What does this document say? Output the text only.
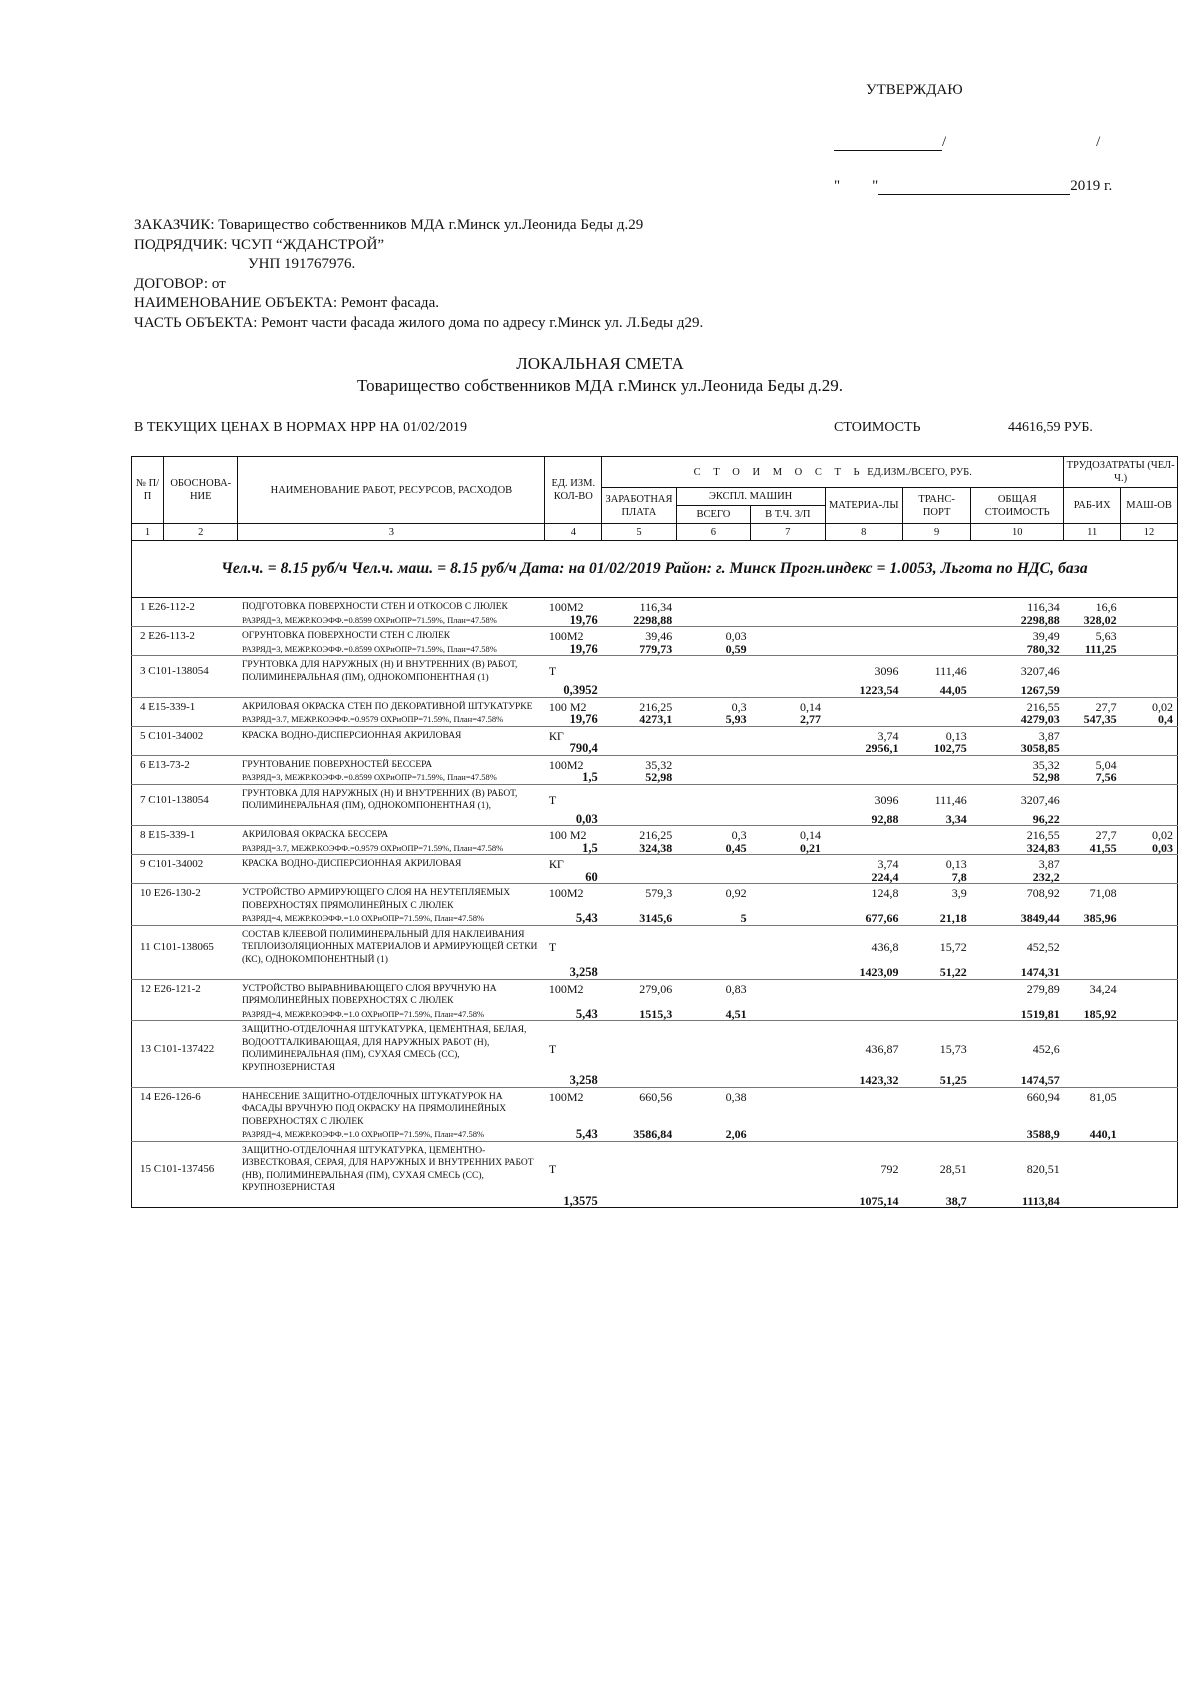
УТВЕРЖДАЮ
/	/
" "	2019 г.
ЗАКАЗЧИК: Товарищество собственников МДА г.Минск ул.Леонида Беды д.29
ПОДРЯДЧИК: ЧСУП “ЖДАНСТРОЙ”
УНП 191767976.
ДОГОВОР: от
НАИМЕНОВАНИЕ ОБЪЕКТА: Ремонт фасада.
ЧАСТЬ ОБЪЕКТА: Ремонт части фасада жилого дома по адресу г.Минск ул. Л.Беды д29.
ЛОКАЛЬНАЯ СМЕТА
Товарищество собственников МДА г.Минск ул.Леонида Беды д.29.
В ТЕКУЩИХ ЦЕНАХ В НОРМАХ НРР НА 01/02/2019	СТОИМОСТЬ	44616,59 РУБ.
№ П/П	ОБОСНОВА-НИЕ	НАИМЕНОВАНИЕ РАБОТ, РЕСУРСОВ, РАСХОДОВ	ЕД. ИЗМ. КОЛ-ВО	С Т О И М О С Т Ь ЕД.ИЗМ./ВСЕГО, РУБ.						ТРУДОЗАТРАТЫ (ЧЕЛ-Ч.)	
				ЗАРАБОТНАЯ ПЛАТА	ЭКСПЛ. МАШИН		МАТЕРИА-ЛЫ	ТРАНС-ПОРТ	ОБЩАЯ СТОИМОСТЬ	РАБ-ИХ	МАШ-ОВ
					ВСЕГО	В Т.Ч. З/П					
1	2	3	4	5	6	7	8	9	10	11	12
Чел.ч. = 8.15 руб/ч Чел.ч. маш. = 8.15 руб/ч Дата: на 01/02/2019 Район: г. Минск Прогн.индекс = 1.0053, Льгота по НДС, база											
1 Е26-112-2		ПОДГОТОВКА ПОВЕРХНОСТИ СТЕН И ОТКОСОВ С ЛЮЛЕК	100М2	116,34					116,34	16,6	
		РАЗРЯД=3, МЕЖР.КОЭФФ.=0.8599 ОХРиОПР=71.59%, План=47.58%	19,76	2298,88					2298,88	328,02	
2 Е26-113-2		ОГРУНТОВКА ПОВЕРХНОСТИ СТЕН С ЛЮЛЕК	100М2	39,46	0,03				39,49	5,63	
		РАЗРЯД=3, МЕЖР.КОЭФФ.=0.8599 ОХРиОПР=71.59%, План=47.58%	19,76	779,73	0,59				780,32	111,25	
3 С101-138054		ГРУНТОВКА ДЛЯ НАРУЖНЫХ (Н) И ВНУТРЕННИХ (В) РАБОТ, ПОЛИМИНЕРАЛЬНАЯ (ПМ), ОДНОКОМПОНЕНТНАЯ (1)	Т				3096	111,46	3207,46		
			0,3952				1223,54	44,05	1267,59		
4 Е15-339-1		АКРИЛОВАЯ ОКРАСКА СТЕН ПО ДЕКОРАТИВНОЙ ШТУКАТУРКЕ	100 М2	216,25	0,3	0,14			216,55	27,7	0,02
		РАЗРЯД=3.7, МЕЖР.КОЭФФ.=0.9579 ОХРиОПР=71.59%, План=47.58%	19,76	4273,1	5,93	2,77			4279,03	547,35	0,4
5 С101-34002		КРАСКА ВОДНО-ДИСПЕРСИОННАЯ АКРИЛОВАЯ	КГ				3,74	0,13	3,87		
			790,4				2956,1	102,75	3058,85		
6 Е13-73-2		ГРУНТОВАНИЕ ПОВЕРХНОСТЕЙ БЕССЕРА	100М2	35,32					35,32	5,04	
		РАЗРЯД=3, МЕЖР.КОЭФФ.=0.8599 ОХРиОПР=71.59%, План=47.58%	1,5	52,98					52,98	7,56	
7 С101-138054		ГРУНТОВКА ДЛЯ НАРУЖНЫХ (Н) И ВНУТРЕННИХ (В) РАБОТ, ПОЛИМИНЕРАЛЬНАЯ (ПМ), ОДНОКОМПОНЕНТНАЯ (1),	Т				3096	111,46	3207,46		
			0,03				92,88	3,34	96,22		
8 Е15-339-1		АКРИЛОВАЯ ОКРАСКА БЕССЕРА	100 М2	216,25	0,3	0,14			216,55	27,7	0,02
		РАЗРЯД=3.7, МЕЖР.КОЭФФ.=0.9579 ОХРиОПР=71.59%, План=47.58%	1,5	324,38	0,45	0,21			324,83	41,55	0,03
9 С101-34002		КРАСКА ВОДНО-ДИСПЕРСИОННАЯ АКРИЛОВАЯ	КГ				3,74	0,13	3,87		
			60				224,4	7,8	232,2		
10 Е26-130-2		УСТРОЙСТВО АРМИРУЮЩЕГО СЛОЯ НА НЕУТЕПЛЯЕМЫХ ПОВЕРХНОСТЯХ ПРЯМОЛИНЕЙНЫХ С ЛЮЛЕК	100М2	579,3	0,92		124,8	3,9	708,92	71,08	
		РАЗРЯД=4, МЕЖР.КОЭФФ.=1.0 ОХРиОПР=71.59%, План=47.58%	5,43	3145,6	5		677,66	21,18	3849,44	385,96	
11 С101-138065		СОСТАВ КЛЕЕВОЙ ПОЛИМИНЕРАЛЬНЫЙ ДЛЯ НАКЛЕИВАНИЯ ТЕПЛОИЗОЛЯЦИОННЫХ МАТЕРИАЛОВ И АРМИРУЮЩЕЙ СЕТКИ (КС), ОДНОКОМПОНЕНТНЫЙ (1)	Т				436,8	15,72	452,52		
			3,258				1423,09	51,22	1474,31		
12 Е26-121-2		УСТРОЙСТВО ВЫРАВНИВАЮЩЕГО СЛОЯ ВРУЧНУЮ НА ПРЯМОЛИНЕЙНЫХ ПОВЕРХНОСТЯХ С ЛЮЛЕК	100М2	279,06	0,83				279,89	34,24	
		РАЗРЯД=4, МЕЖР.КОЭФФ.=1.0 ОХРиОПР=71.59%, План=47.58%	5,43	1515,3	4,51				1519,81	185,92	
13 С101-137422		ЗАЩИТНО-ОТДЕЛОЧНАЯ ШТУКАТУРКА, ЦЕМЕНТНАЯ, БЕЛАЯ, ВОДООТТАЛКИВАЮЩАЯ, ДЛЯ НАРУЖНЫХ РАБОТ (Н), ПОЛИМИНЕРАЛЬНАЯ (ПМ), СУХАЯ СМЕСЬ (СС), КРУПНОЗЕРНИСТАЯ	Т				436,87	15,73	452,6		
			3,258				1423,32	51,25	1474,57		
14 Е26-126-6		НАНЕСЕНИЕ ЗАЩИТНО-ОТДЕЛОЧНЫХ ШТУКАТУРОК НА ФАСАДЫ ВРУЧНУЮ ПОД ОКРАСКУ НА ПРЯМОЛИНЕЙНЫХ ПОВЕРХНОСТЯХ С ЛЮЛЕК	100М2	660,56	0,38				660,94	81,05	
		РАЗРЯД=4, МЕЖР.КОЭФФ.=1.0 ОХРиОПР=71.59%, План=47.58%	5,43	3586,84	2,06				3588,9	440,1	
15 С101-137456		ЗАЩИТНО-ОТДЕЛОЧНАЯ ШТУКАТУРКА, ЦЕМЕНТНО-ИЗВЕСТКОВАЯ, СЕРАЯ, ДЛЯ НАРУЖНЫХ И ВНУТРЕННИХ РАБОТ (НВ), ПОЛИМИНЕРАЛЬНАЯ (ПМ), СУХАЯ СМЕСЬ (СС), КРУПНОЗЕРНИСТАЯ	Т				792	28,51	820,51		
			1,3575				1075,14	38,7	1113,84		
